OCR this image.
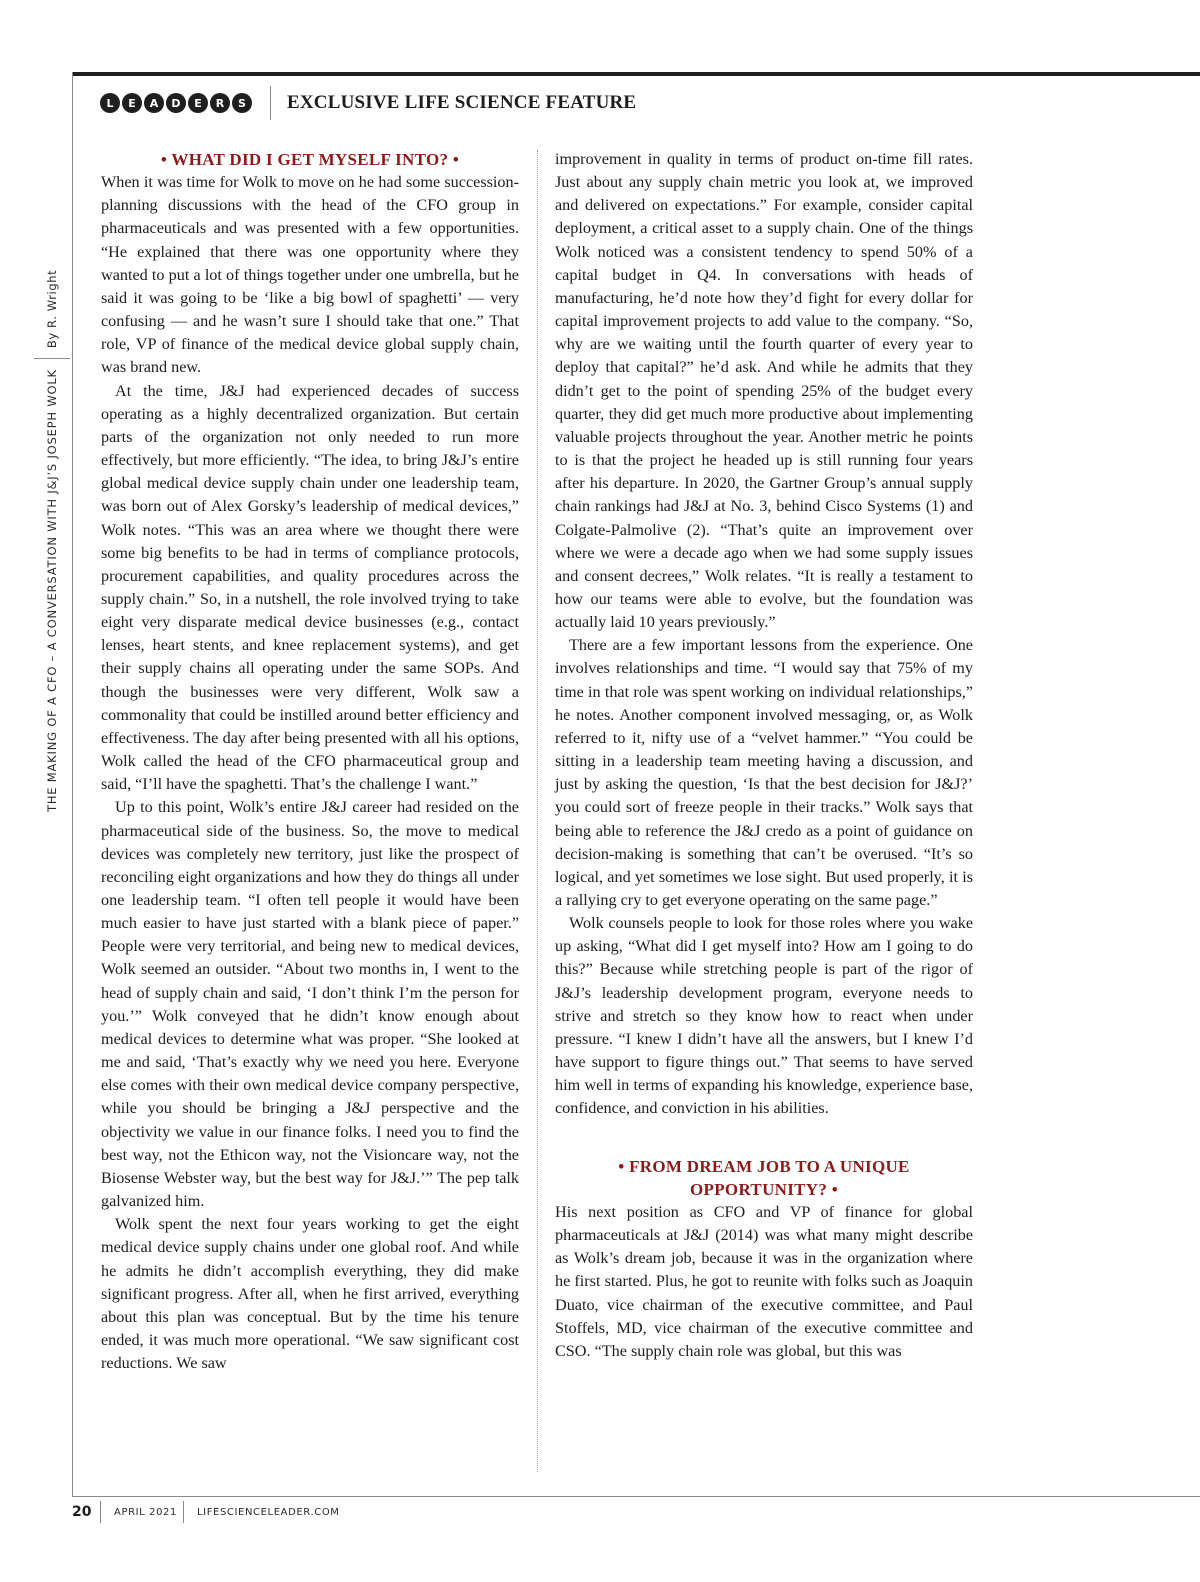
L	E	A	D	E	R	S	EXCLUSIVE LIFE SCIENCE FEATURE
THE MAKING OF A CFO – A CONVERSATION WITH J&J’S JOSEPH WOLK
By R. Wright
• WHAT DID I GET MYSELF INTO? •

When it was time for Wolk to move on he had some succession-planning discussions with the head of the CFO group in pharmaceuticals and was presented with a few opportunities. “He explained that there was one opportunity where they wanted to put a lot of things together under one umbrella, but he said it was going to be ‘like a big bowl of spaghetti’ — very confusing — and he wasn’t sure I should take that one.” That role, VP of finance of the medical device global supply chain, was brand new.

At the time, J&J had experienced decades of success operating as a highly decentralized organization. But certain parts of the organization not only needed to run more effectively, but more efficiently. “The idea, to bring J&J’s entire global medical device supply chain under one leadership team, was born out of Alex Gorsky’s leadership of medical devices,” Wolk notes. “This was an area where we thought there were some big benefits to be had in terms of compliance protocols, procurement capabilities, and quality procedures across the supply chain.” So, in a nutshell, the role involved trying to take eight very disparate medical device businesses (e.g., contact lenses, heart stents, and knee replacement systems), and get their supply chains all operating under the same SOPs. And though the businesses were very different, Wolk saw a commonality that could be instilled around better efficiency and effectiveness. The day after being presented with all his options, Wolk called the head of the CFO pharmaceutical group and said, “I’ll have the spaghetti. That’s the challenge I want.”

Up to this point, Wolk’s entire J&J career had resided on the pharmaceutical side of the business. So, the move to medical devices was completely new territory, just like the prospect of reconciling eight organizations and how they do things all under one leadership team. “I often tell people it would have been much easier to have just started with a blank piece of paper.” People were very territorial, and being new to medical devices, Wolk seemed an outsider. “About two months in, I went to the head of supply chain and said, ‘I don’t think I’m the person for you.’” Wolk conveyed that he didn’t know enough about medical devices to determine what was proper. “She looked at me and said, ‘That’s exactly why we need you here. Everyone else comes with their own medical device company perspective, while you should be bringing a J&J perspective and the objectivity we value in our finance folks. I need you to find the best way, not the Ethicon way, not the Visioncare way, not the Biosense Webster way, but the best way for J&J.’” The pep talk galvanized him.

Wolk spent the next four years working to get the eight medical device supply chains under one global roof. And while he admits he didn’t accomplish everything, they did make significant progress. After all, when he first arrived, everything about this plan was conceptual. But by the time his tenure ended, it was much more operational. “We saw significant cost reductions. We saw

improvement in quality in terms of product on-time fill rates. Just about any supply chain metric you look at, we improved and delivered on expectations.” For example, consider capital deployment, a critical asset to a supply chain. One of the things Wolk noticed was a consistent tendency to spend 50% of a capital budget in Q4. In conversations with heads of manufacturing, he’d note how they’d fight for every dollar for capital improvement projects to add value to the company. “So, why are we waiting until the fourth quarter of every year to deploy that capital?” he’d ask. And while he admits that they didn’t get to the point of spending 25% of the budget every quarter, they did get much more productive about implementing valuable projects throughout the year. Another metric he points to is that the project he headed up is still running four years after his departure. In 2020, the Gartner Group’s annual supply chain rankings had J&J at No. 3, behind Cisco Systems (1) and Colgate-Palmolive (2). “That’s quite an improvement over where we were a decade ago when we had some supply issues and consent decrees,” Wolk relates. “It is really a testament to how our teams were able to evolve, but the foundation was actually laid 10 years previously.”

There are a few important lessons from the experience. One involves relationships and time. “I would say that 75% of my time in that role was spent working on individual relationships,” he notes. Another component involved messaging, or, as Wolk referred to it, nifty use of a “velvet hammer.” “You could be sitting in a leadership team meeting having a discussion, and just by asking the question, ‘Is that the best decision for J&J?’ you could sort of freeze people in their tracks.” Wolk says that being able to reference the J&J credo as a point of guidance on decision-making is something that can’t be overused. “It’s so logical, and yet sometimes we lose sight. But used properly, it is a rallying cry to get everyone operating on the same page.”

Wolk counsels people to look for those roles where you wake up asking, “What did I get myself into? How am I going to do this?” Because while stretching people is part of the rigor of J&J’s leadership development program, everyone needs to strive and stretch so they know how to react when under pressure. “I knew I didn’t have all the answers, but I knew I’d have support to figure things out.” That seems to have served him well in terms of expanding his knowledge, experience base, confidence, and conviction in his abilities.

• FROM DREAM JOB TO A UNIQUE OPPORTUNITY? •

His next position as CFO and VP of finance for global pharmaceuticals at J&J (2014) was what many might describe as Wolk’s dream job, because it was in the organization where he first started. Plus, he got to reunite with folks such as Joaquin Duato, vice chairman of the executive committee, and Paul Stoffels, MD, vice chairman of the executive committee and CSO. “The supply chain role was global, but this was

20 APRIL 2021 LIFESCIENCELEADER.COM
